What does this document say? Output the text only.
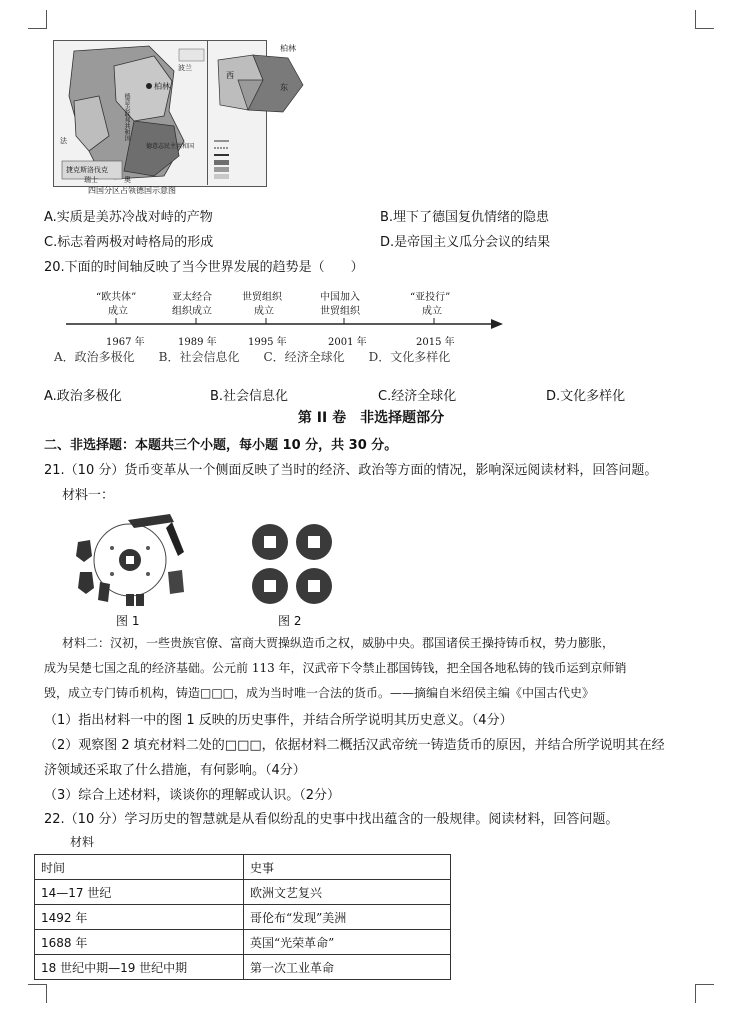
柏林
德意志联邦共和国
德意志民主共和国
波兰
捷克斯洛伐克
法
瑞士	奥
柏林
西
东
四国分区占领德国示意图
A.实质是美苏冷战对峙的产物	B.埋下了德国复仇情绪的隐患
C.标志着两极对峙格局的形成	D.是帝国主义瓜分会议的结果
20.下面的时间轴反映了当今世界发展的趋势是（　　）
“欧共体”
成立
1967 年
亚太经合
组织成立
1989 年
世贸组织
成立
1995 年
中国加入
世贸组织
2001 年
“亚投行”
成立
2015 年
A．政治多极化　　B．社会信息化　　C．经济全球化　　D．文化多样化
A.政治多极化	B.社会信息化	C.经济全球化	D.文化多样化
第 II 卷　非选择题部分
二、非选择题：本题共三个小题，每小题 10 分，共 30 分。
21.（10 分）货币变革从一个侧面反映了当时的经济、政治等方面的情况，影响深远阅读材料，回答问题。
材料一：
图 1	图 2
材料二：汉初，一些贵族官僚、富商大贾操纵造币之权，威胁中央。郡国诸侯王操持铸币权，势力膨胀，
成为吴楚七国之乱的经济基础。公元前 113 年，汉武帝下令禁止郡国铸钱，把全国各地私铸的钱币运到京师销
毁，成立专门铸币机构，铸造□□□，成为当时唯一合法的货币。——摘编自米绍侯主编《中国古代史》
（1）指出材料一中的图 1 反映的历史事件，并结合所学说明其历史意义。（4分）
（2）观察图 2 填充材料二处的□□□，依据材料二概括汉武帝统一铸造货币的原因，并结合所学说明其在经
济领域还采取了什么措施，有何影响。（4分）
（3）综合上述材料，谈谈你的理解或认识。（2分）
22.（10 分）学习历史的智慧就是从看似纷乱的史事中找出蕴含的一般规律。阅读材料，回答问题。
材料
时间	史事
14—17 世纪	欧洲文艺复兴
1492 年	哥伦布“发现”美洲
1688 年	英国“光荣革命”
18 世纪中期—19 世纪中期	第一次工业革命
